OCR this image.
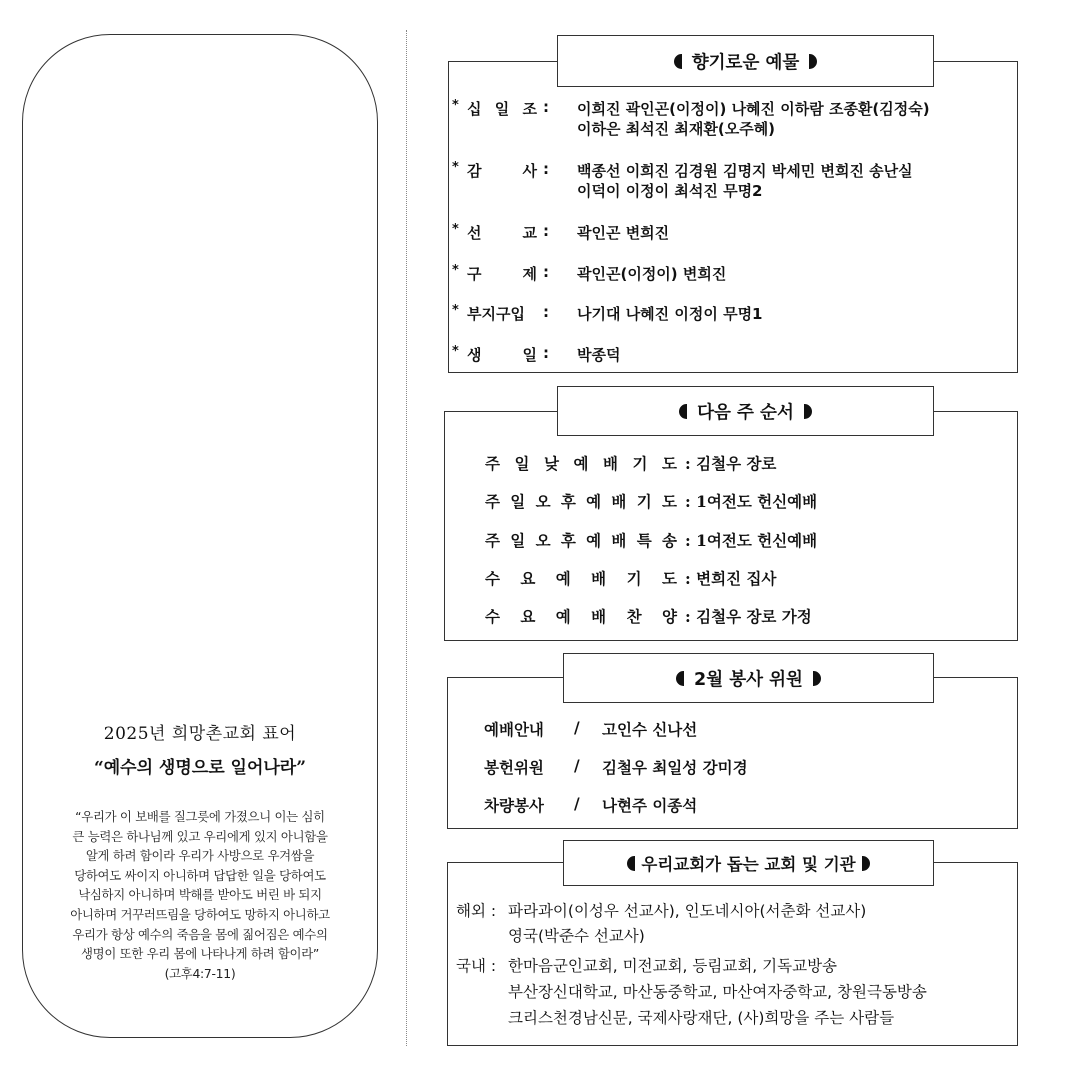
2025년 희망촌교회 표어
“예수의 생명으로 일어나라”
“우리가 이 보배를 질그릇에 가졌으니 이는 심히
큰 능력은 하나님께 있고 우리에게 있지 아니함을
알게 하려 함이라 우리가 사방으로 우겨쌈을
당하여도 싸이지 아니하며 답답한 일을 당하여도
낙심하지 아니하며 박해를 받아도 버린 바 되지
아니하며 거꾸러뜨림을 당하여도 망하지 아니하고
우리가 항상 예수의 죽음을 몸에 짊어짐은 예수의
생명이 또한 우리 몸에 나타나게 하려 함이라”
(고후4:7-11)
* 십 일 조 : 이희진 곽인곤(이정이) 나혜진 이하람 조종환(김정숙)
이하은 최석진 최재환(오주혜)
* 감	사 : 백종선 이희진 김경원 김명지 박세민 변희진 송난실
이덕이 이정이 최석진 무명2
* 선	교 : 곽인곤 변희진
* 구	제 : 곽인곤(이정이) 변희진
* 부지구입	: 나기대 나혜진 이정이 무명1
* 생	일 : 박종덕
향기로운 예물
주 일 낮 예 배 기 도 : 김철우 장로
주 일 오 후 예 배 기 도 : 1여전도 헌신예배
주 일 오 후 예 배 특 송 : 1여전도 헌신예배
수 요 예 배 기 도 : 변희진 집사
수 요 예 배 찬 양 : 김철우 장로 가정
다음 주 순서
예배안내 / 고인수 신나선
봉헌위원 / 김철우 최일성 강미경
차량봉사 / 나현주 이종석
2월 봉사 위원
해외 : 파라과이(이성우 선교사), 인도네시아(서춘화 선교사)
영국(박준수 선교사)
국내 : 한마음군인교회, 미전교회, 등림교회, 기독교방송
부산장신대학교, 마산동중학교, 마산여자중학교, 창원극동방송
크리스천경남신문, 국제사랑재단, (사)희망을 주는 사람들
우리교회가 돕는 교회 및 기관
